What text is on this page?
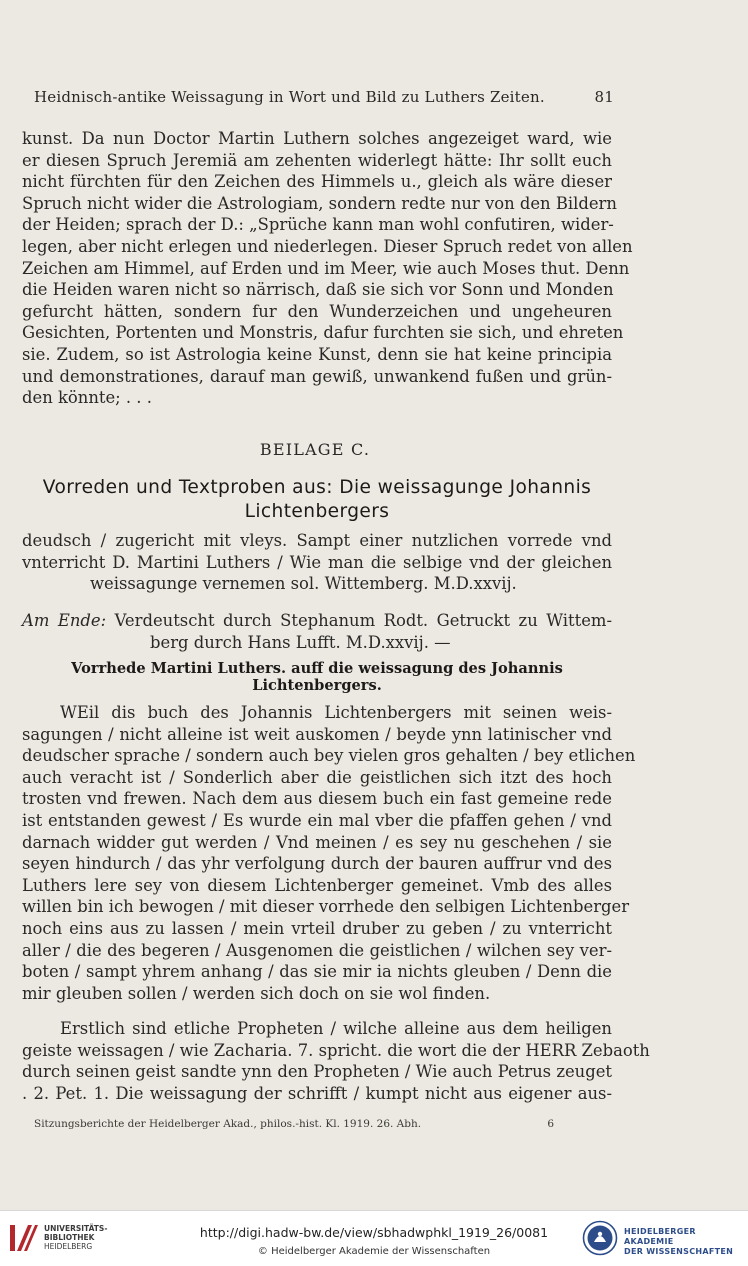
Heidnisch-antike Weissagung in Wort und Bild zu Luthers Zeiten.	81
kunst. Da nun Doctor Martin Luthern solches angezeiget ward, wie
er diesen Spruch Jeremiä am zehenten widerlegt hätte: Ihr sollt euch
nicht fürchten für den Zeichen des Himmels u., gleich als wäre dieser
Spruch nicht wider die Astrologiam, sondern redte nur von den Bildern
der Heiden; sprach der D.: „Sprüche kann man wohl confutiren, wider-
legen, aber nicht erlegen und niederlegen. Dieser Spruch redet von allen
Zeichen am Himmel, auf Erden und im Meer, wie auch Moses thut. Denn
die Heiden waren nicht so närrisch, daß sie sich vor Sonn und Monden
gefurcht hätten, sondern fur den Wunderzeichen und ungeheuren
Gesichten, Portenten und Monstris, dafur furchten sie sich, und ehreten
sie. Zudem, so ist Astrologia keine Kunst, denn sie hat keine principia
und demonstrationes, darauf man gewiß, unwankend fußen und grün-
den könnte; . . .
BEILAGE C.
Vorreden und Textproben aus: Die weissagunge Johannis
Lichtenbergers
deudsch / zugericht mit vleys. Sampt einer nutzlichen vorrede vnd
vnterricht D. Martini Luthers / Wie man die selbige vnd der gleichen
weissagunge vernemen sol. Wittemberg. M.D.xxvij.
Am Ende: Verdeutscht durch Stephanum Rodt. Getruckt zu Wittem-
berg durch Hans Lufft. M.D.xxvij. —
Vorrhede Martini Luthers. auff die weissagung des Johannis
Lichtenbergers.
WEil dis buch des Johannis Lichtenbergers mit seinen weis-
sagungen / nicht alleine ist weit auskomen / beyde ynn latinischer vnd
deudscher sprache / sondern auch bey vielen gros gehalten / bey etlichen
auch veracht ist / Sonderlich aber die geistlichen sich itzt des hoch
trosten vnd frewen. Nach dem aus diesem buch ein fast gemeine rede
ist entstanden gewest / Es wurde ein mal vber die pfaffen gehen / vnd
darnach widder gut werden / Vnd meinen / es sey nu geschehen / sie
seyen hindurch / das yhr verfolgung durch der bauren auffrur vnd des
Luthers lere sey von diesem Lichtenberger gemeinet. Vmb des alles
willen bin ich bewogen / mit dieser vorrhede den selbigen Lichtenberger
noch eins aus zu lassen / mein vrteil druber zu geben / zu vnterricht
aller / die des begeren / Ausgenomen die geistlichen / wilchen sey ver-
boten / sampt yhrem anhang / das sie mir ia nichts gleuben / Denn die
mir gleuben sollen / werden sich doch on sie wol finden.
Erstlich sind etliche Propheten / wilche alleine aus dem heiligen
geiste weissagen / wie Zacharia. 7. spricht. die wort die der HERR Zebaoth
durch seinen geist sandte ynn den Propheten / Wie auch Petrus zeuget
. 2. Pet. 1. Die weissagung der schrifft / kumpt nicht aus eigener aus-
Sitzungsberichte der Heidelberger Akad., philos.-hist. Kl. 1919. 26. Abh.	6
UNIVERSITÄTS-
BIBLIOTHEK
HEIDELBERG
http://digi.hadw-bw.de/view/sbhadwphkl_1919_26/0081
© Heidelberger Akademie der Wissenschaften
HEIDELBERGER AKADEMIE
DER WISSENSCHAFTEN
